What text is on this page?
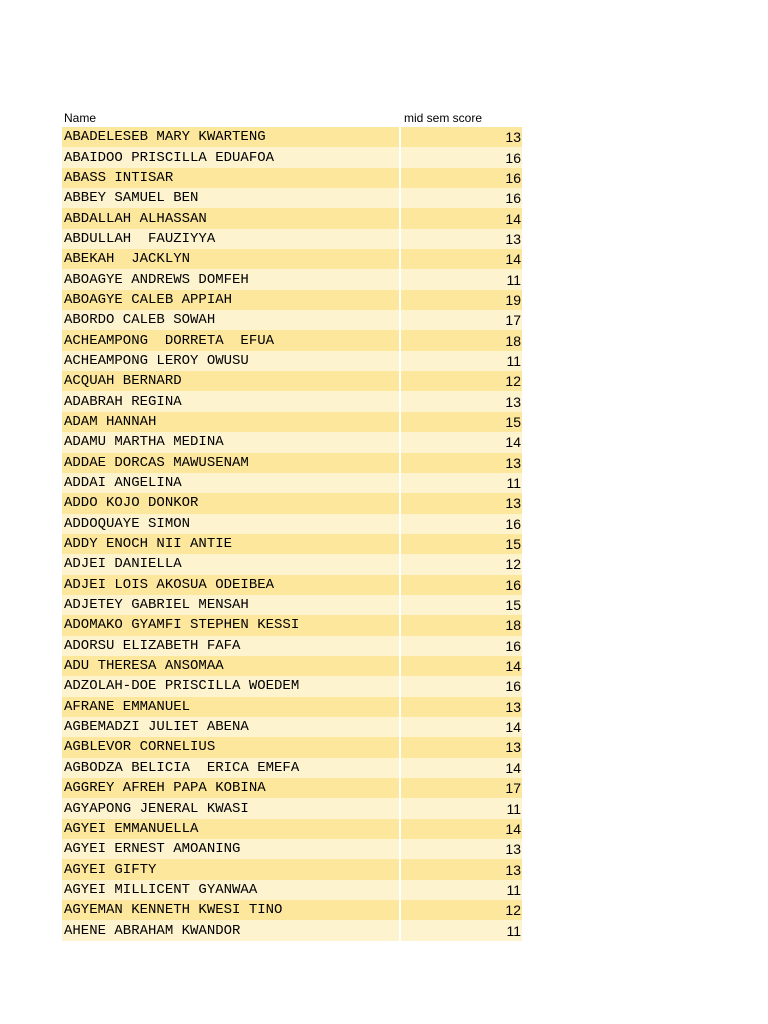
Name	mid sem score
ABADELESEB MARY KWARTENG	13
ABAIDOO PRISCILLA EDUAFOA	16
ABASS INTISAR	16
ABBEY SAMUEL BEN	16
ABDALLAH ALHASSAN	14
ABDULLAH  FAUZIYYA	13
ABEKAH  JACKLYN	14
ABOAGYE ANDREWS DOMFEH	11
ABOAGYE CALEB APPIAH	19
ABORDO CALEB SOWAH	17
ACHEAMPONG  DORRETA  EFUA	18
ACHEAMPONG LEROY OWUSU	11
ACQUAH BERNARD	12
ADABRAH REGINA	13
ADAM HANNAH	15
ADAMU MARTHA MEDINA	14
ADDAE DORCAS MAWUSENAM	13
ADDAI ANGELINA	11
ADDO KOJO DONKOR	13
ADDOQUAYE SIMON	16
ADDY ENOCH NII ANTIE	15
ADJEI DANIELLA	12
ADJEI LOIS AKOSUA ODEIBEA	16
ADJETEY GABRIEL MENSAH	15
ADOMAKO GYAMFI STEPHEN KESSI	18
ADORSU ELIZABETH FAFA	16
ADU THERESA ANSOMAA	14
ADZOLAH-DOE PRISCILLA WOEDEM	16
AFRANE EMMANUEL	13
AGBEMADZI JULIET ABENA	14
AGBLEVOR CORNELIUS	13
AGBODZA BELICIA  ERICA EMEFA	14
AGGREY AFREH PAPA KOBINA	17
AGYAPONG JENERAL KWASI	11
AGYEI EMMANUELLA	14
AGYEI ERNEST AMOANING	13
AGYEI GIFTY	13
AGYEI MILLICENT GYANWAA	11
AGYEMAN KENNETH KWESI TINO	12
AHENE ABRAHAM KWANDOR	11
